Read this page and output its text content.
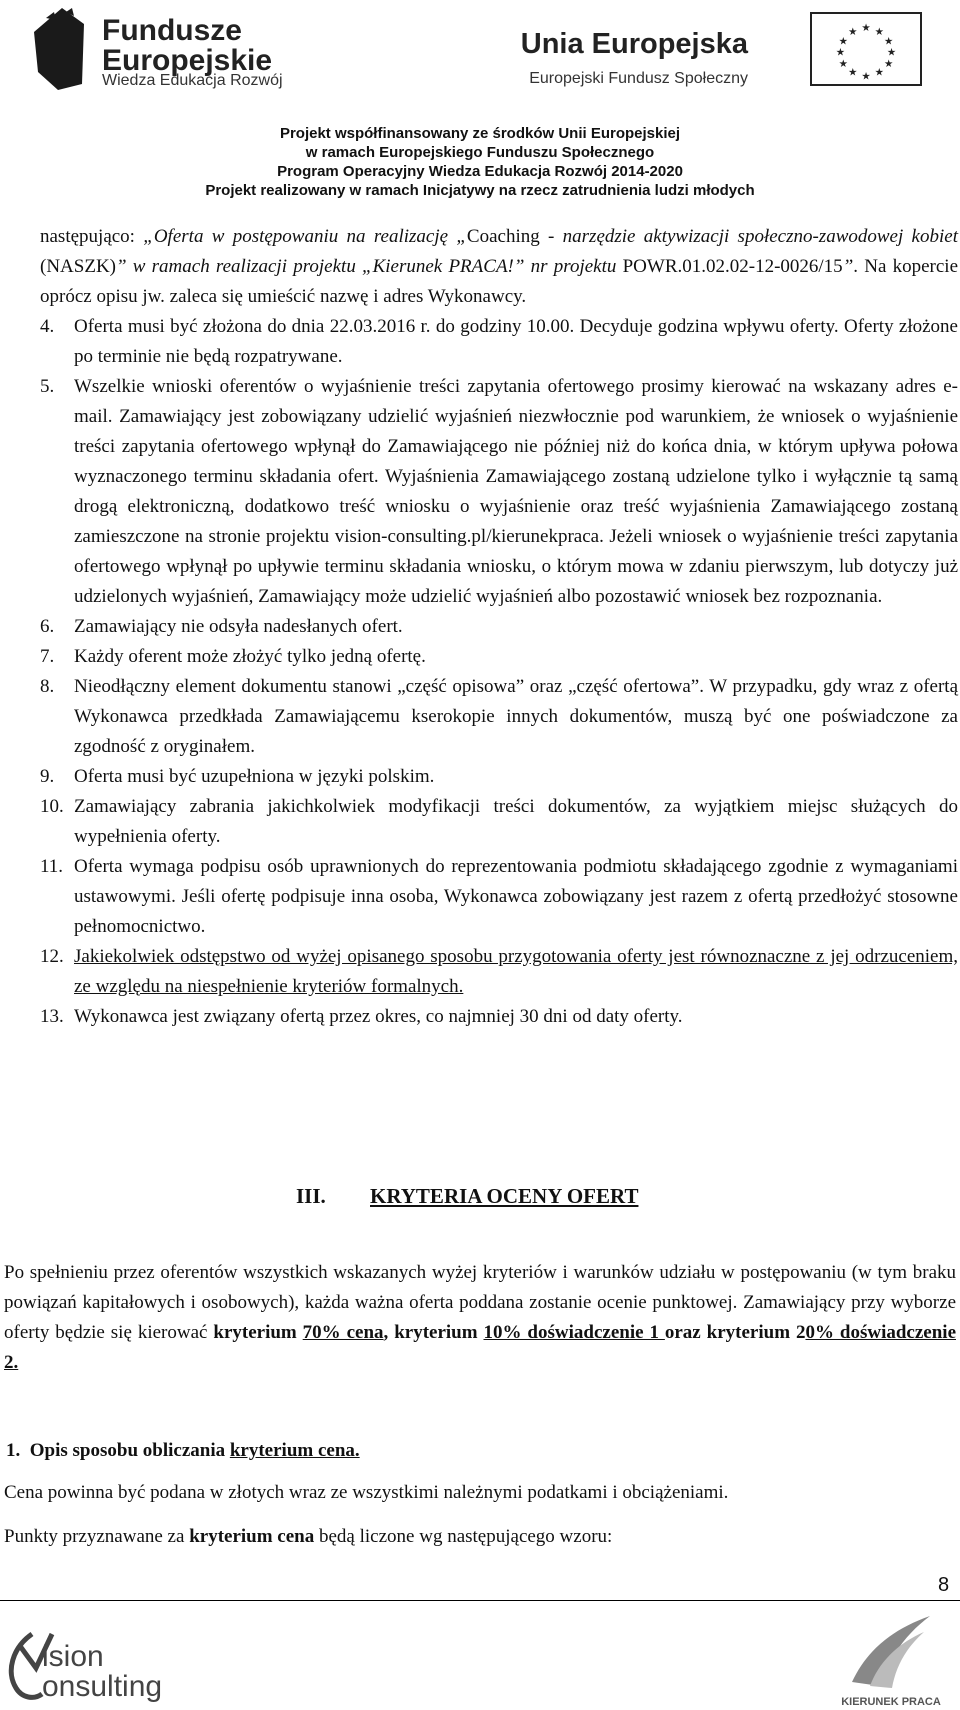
Fundusze
Europejskie
Wiedza Edukacja Rozwój
Unia Europejska
Europejski Fundusz Społeczny
★ ★
★
★
★
★
★
★
★
★
★
★
Projekt współfinansowany ze środków Unii Europejskiej
w ramach Europejskiego Funduszu Społecznego
Program Operacyjny Wiedza Edukacja Rozwój 2014-2020
Projekt realizowany w ramach Inicjatywy na rzecz zatrudnienia ludzi młodych

następująco: „Oferta w postępowaniu na realizację „Coaching - narzędzie aktywizacji społeczno-zawodowej kobiet (NASZK)” w ramach realizacji projektu „Kierunek PRACA!” nr projektu POWR.01.02.02-12-0026/15”. Na kopercie oprócz opisu jw. zaleca się umieścić nazwę i adres Wykonawcy.

4.	Oferta musi być złożona do dnia 22.03.2016 r. do godziny 10.00. Decyduje godzina wpływu oferty. Oferty złożone po terminie nie będą rozpatrywane.
5.	Wszelkie wnioski oferentów o wyjaśnienie treści zapytania ofertowego prosimy kierować na wskazany adres e-mail. Zamawiający jest zobowiązany udzielić wyjaśnień niezwłocznie pod warunkiem, że wniosek o wyjaśnienie treści zapytania ofertowego wpłynął do Zamawiającego nie później niż do końca dnia, w którym upływa połowa wyznaczonego terminu składania ofert. Wyjaśnienia Zamawiającego zostaną udzielone tylko i wyłącznie tą samą drogą elektroniczną, dodatkowo treść wniosku o wyjaśnienie oraz treść wyjaśnienia Zamawiającego zostaną zamieszczone na stronie projektu vision-consulting.pl/kierunekpraca. Jeżeli wniosek o wyjaśnienie treści zapytania ofertowego wpłynął po upływie terminu składania wniosku, o którym mowa w zdaniu pierwszym, lub dotyczy już udzielonych wyjaśnień, Zamawiający może udzielić wyjaśnień albo pozostawić wniosek bez rozpoznania.
6.	Zamawiający nie odsyła nadesłanych ofert.
7.	Każdy oferent może złożyć tylko jedną ofertę.
8.	Nieodłączny element dokumentu stanowi „część opisowa” oraz „część ofertowa”. W przypadku, gdy wraz z ofertą Wykonawca przedkłada Zamawiającemu kserokopie innych dokumentów, muszą być one poświadczone za zgodność z oryginałem.
9.	Oferta musi być uzupełniona w języki polskim.
10. Zamawiający zabrania jakichkolwiek modyfikacji treści dokumentów, za wyjątkiem miejsc służących do wypełnienia oferty.
11. Oferta wymaga podpisu osób uprawnionych do reprezentowania podmiotu składającego zgodnie z wymaganiami ustawowymi. Jeśli ofertę podpisuje inna osoba, Wykonawca zobowiązany jest razem z ofertą przedłożyć stosowne pełnomocnictwo.
12. Jakiekolwiek odstępstwo od wyżej opisanego sposobu przygotowania oferty jest równoznaczne z jej odrzuceniem, ze względu na niespełnienie kryteriów formalnych.
13. Wykonawca jest związany ofertą przez okres, co najmniej 30 dni od daty oferty.
III. KRYTERIA OCENY OFERT
Po spełnieniu przez oferentów wszystkich wskazanych wyżej kryteriów i warunków udziału w postępowaniu (w tym braku powiązań kapitałowych i osobowych), każda ważna oferta poddana zostanie ocenie punktowej. Zamawiający przy wyborze oferty będzie się kierować kryterium 70% cena, kryterium 10% doświadczenie 1 oraz kryterium 20% doświadczenie 2.
1. Opis sposobu obliczania kryterium cena.
Cena powinna być podana w złotych wraz ze wszystkimi należnymi podatkami i obciążeniami.
Punkty przyznawane za kryterium cena będą liczone wg następującego wzoru:
8
ision
onsulting	KIERUNEK PRACA
